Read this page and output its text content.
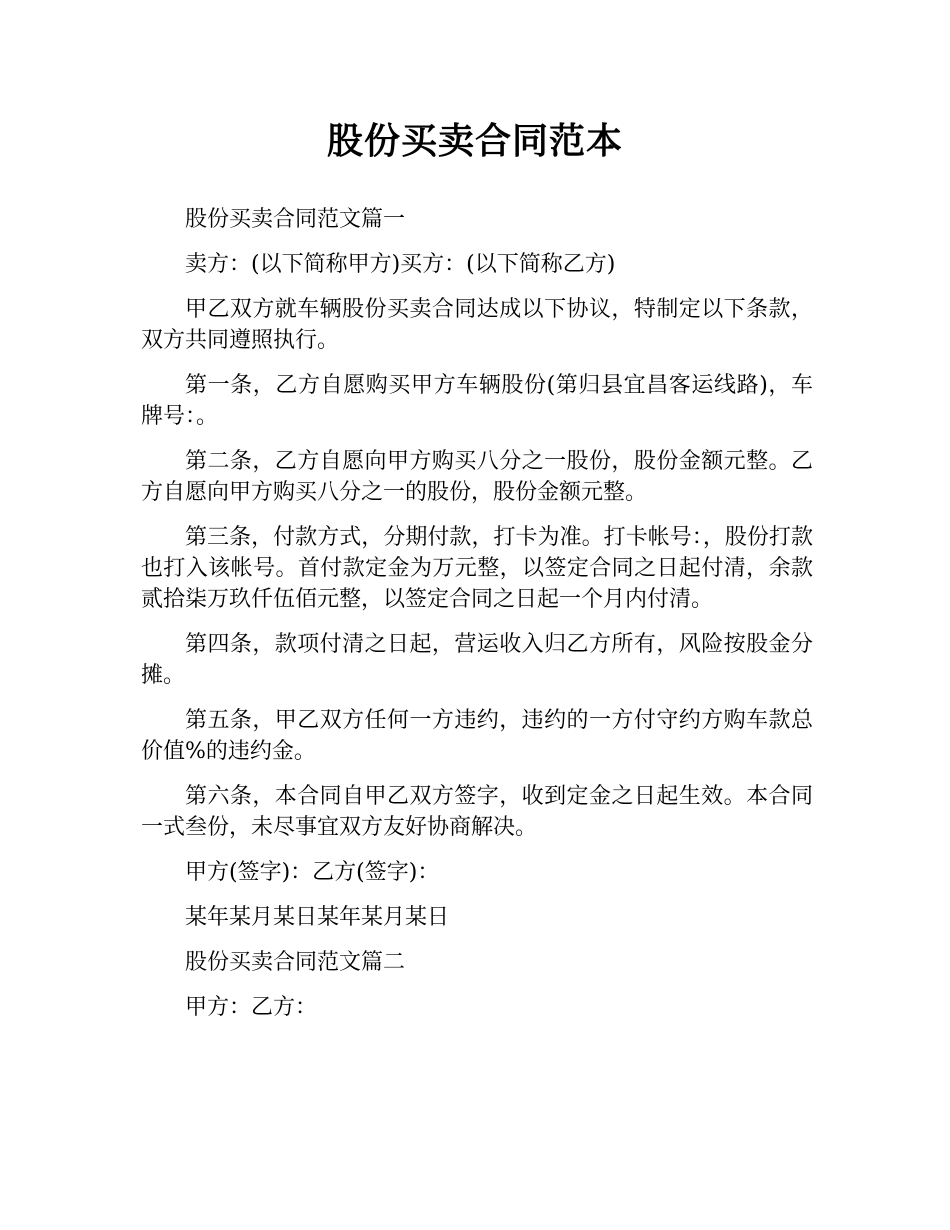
股份买卖合同范本

股份买卖合同范文篇一

卖方：(以下简称甲方)买方：(以下简称乙方)

甲乙双方就车辆股份买卖合同达成以下协议，特制定以下条款，双方共同遵照执行。

第一条，乙方自愿购买甲方车辆股份(第归县宜昌客运线路)，车牌号：。

第二条，乙方自愿向甲方购买八分之一股份，股份金额元整。乙方自愿向甲方购买八分之一的股份，股份金额元整。

第三条，付款方式，分期付款，打卡为准。打卡帐号：，股份打款也打入该帐号。首付款定金为万元整，以签定合同之日起付清，余款贰拾柒万玖仟伍佰元整，以签定合同之日起一个月内付清。

第四条，款项付清之日起，营运收入归乙方所有，风险按股金分摊。

第五条，甲乙双方任何一方违约，违约的一方付守约方购车款总价值%的违约金。

第六条，本合同自甲乙双方签字，收到定金之日起生效。本合同一式叁份，未尽事宜双方友好协商解决。

甲方(签字)：乙方(签字)：

某年某月某日某年某月某日

股份买卖合同范文篇二

甲方：乙方：
